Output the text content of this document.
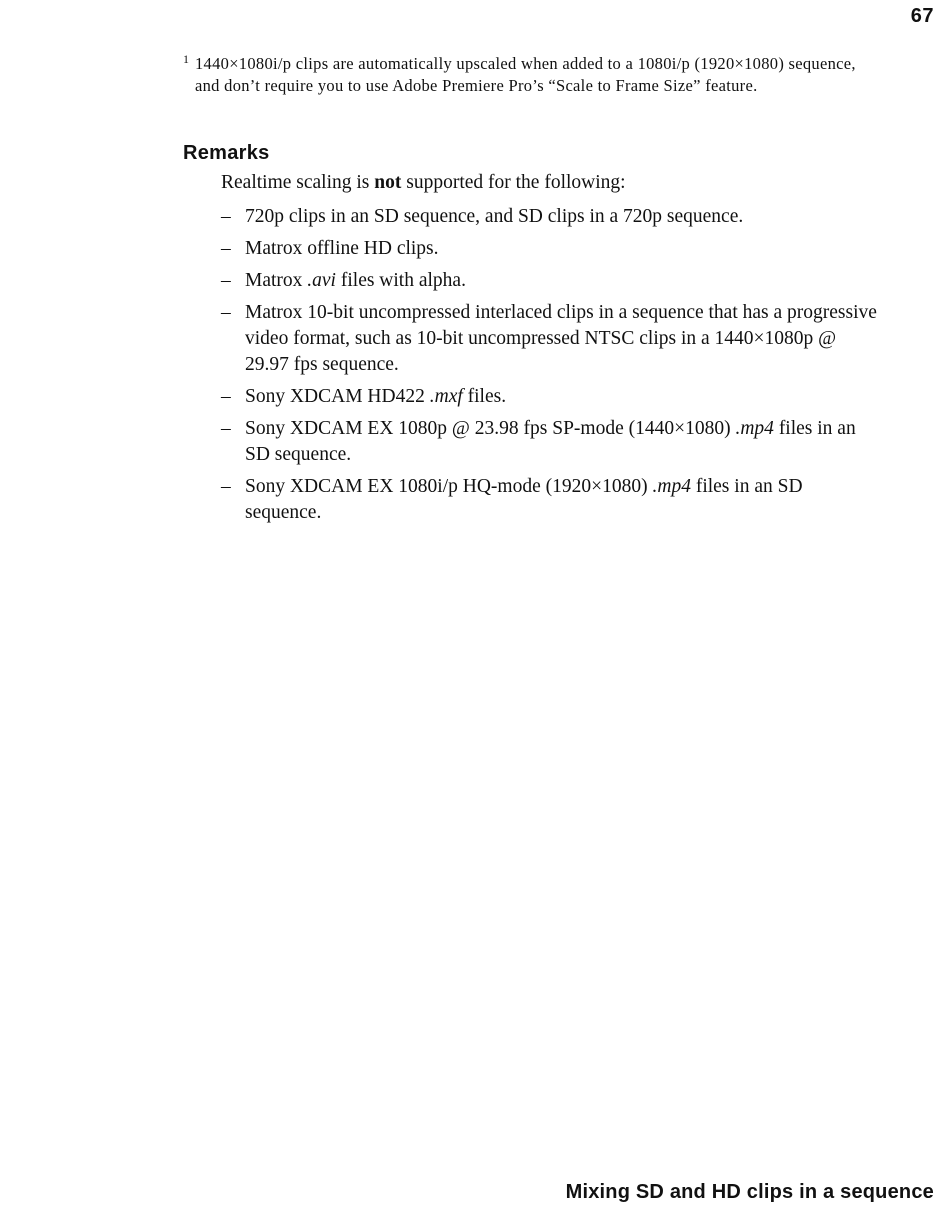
67
1 1440×1080i/p clips are automatically upscaled when added to a 1080i/p (1920×1080) sequence, and don’t require you to use Adobe Premiere Pro’s “Scale to Frame Size” feature.
Remarks

Realtime scaling is not supported for the following:

– 720p clips in an SD sequence, and SD clips in a 720p sequence.
– Matrox offline HD clips.
– Matrox .avi files with alpha.
– Matrox 10-bit uncompressed interlaced clips in a sequence that has a progressive video format, such as 10-bit uncompressed NTSC clips in a 1440×1080p @ 29.97 fps sequence.
– Sony XDCAM HD422 .mxf files.
– Sony XDCAM EX 1080p @ 23.98 fps SP-mode (1440×1080) .mp4 files in an SD sequence.
– Sony XDCAM EX 1080i/p HQ-mode (1920×1080) .mp4 files in an SD sequence.
Mixing SD and HD clips in a sequence
